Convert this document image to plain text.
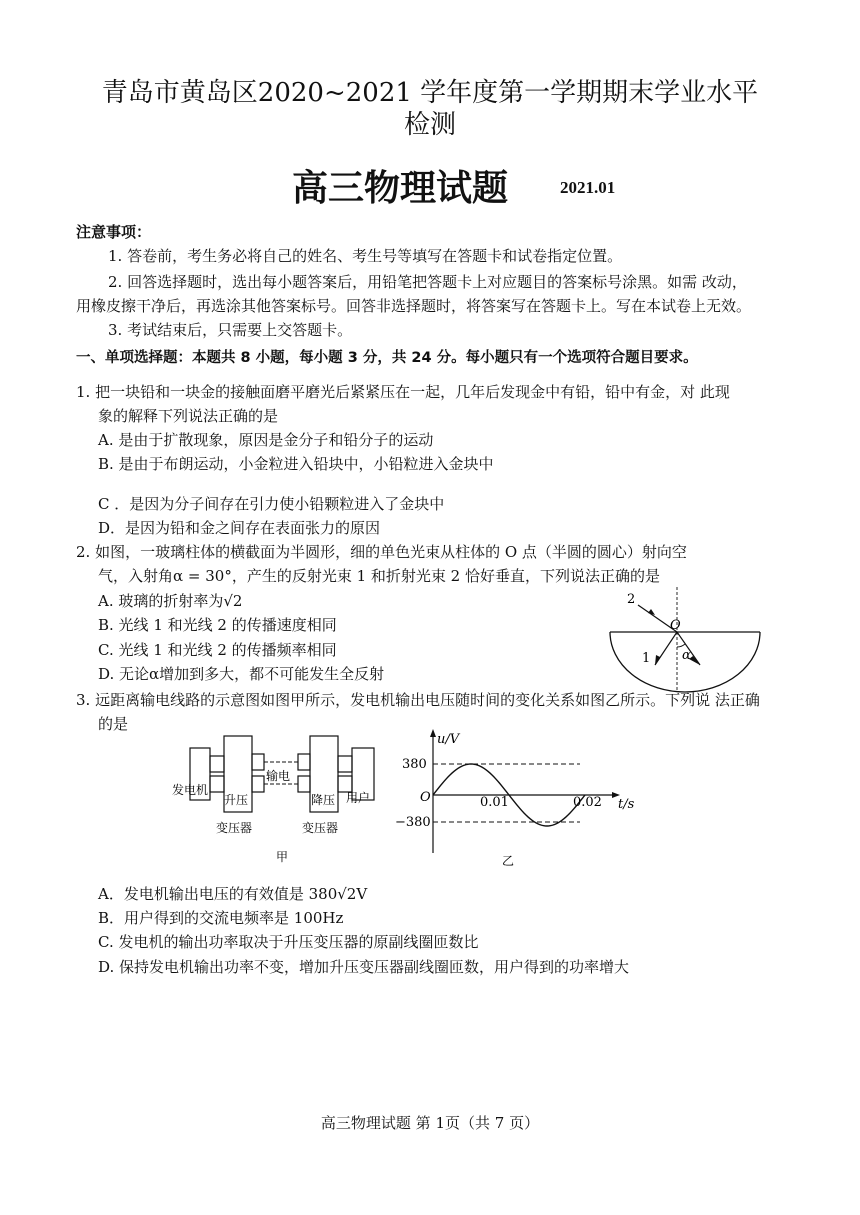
青岛市黄岛区2020~2021 学年度第一学期期末学业水平
检测
高三物理试题	2021.01
注意事项：
1. 答卷前，考生务必将自己的姓名、考生号等填写在答题卡和试卷指定位置。
2. 回答选择题时，选出每小题答案后，用铅笔把答题卡上对应题目的答案标号涂黑。如需 改动，
用橡皮擦干净后，再选涂其他答案标号。回答非选择题时，将答案写在答题卡上。写在本试卷上无效。
3. 考试结束后，只需要上交答题卡。
一、单项选择题：本题共 8 小题，每小题 3 分，共 24 分。每小题只有一个选项符合题目要求。
1. 把一块铅和一块金的接触面磨平磨光后紧紧压在一起，几年后发现金中有铅，铅中有金，对 此现
象的解释下列说法正确的是
A. 是由于扩散现象，原因是金分子和铅分子的运动
B. 是由于布朗运动，小金粒进入铅块中，小铅粒进入金块中
C ．是因为分子间存在引力使小铅颗粒进入了金块中
D．是因为铅和金之间存在表面张力的原因
2. 如图，一玻璃柱体的横截面为半圆形，细的单色光束从柱体的 O 点（半圆的圆心）射向空
气，入射角α = 30°，产生的反射光束 1 和折射光束 2 恰好垂直，下列说法正确的是
A. 玻璃的折射率为√2
B. 光线 1 和光线 2 的传播速度相同
C. 光线 1 和光线 2 的传播频率相同
D. 无论α增加到多大，都不可能发生全反射
2
O
1 α
3. 远距离输电线路的示意图如图甲所示，发电机输出电压随时间的变化关系如图乙所示。下列说 法正确
的是
发电机
升压
变压器
输电
降压
变压器
用户
甲
u/V
t/s
O
380
−380
0.01	0.02
乙
A．发电机输出电压的有效值是 380√2V
B．用户得到的交流电频率是 100Hz
C. 发电机的输出功率取决于升压变压器的原副线圈匝数比
D. 保持发电机输出功率不变，增加升压变压器副线圈匝数，用户得到的功率增大
高三物理试题 第 1页（共 7 页）
